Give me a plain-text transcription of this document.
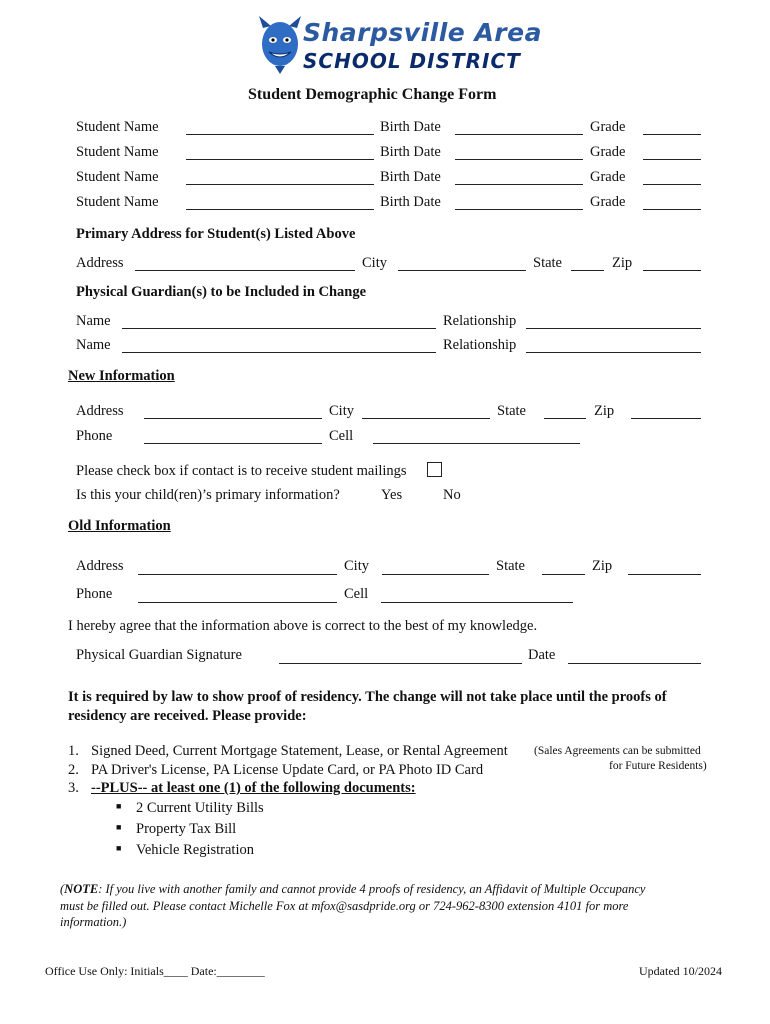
Sharpsville Area
SCHOOL DISTRICT
Student Demographic Change Form
Student Name	Birth Date	Grade
Student Name	Birth Date	Grade
Student Name	Birth Date	Grade
Student Name	Birth Date	Grade
Primary Address for Student(s) Listed Above
Address	City	State	Zip
Physical Guardian(s) to be Included in Change
Name	Relationship
Name	Relationship
New Information
Address	City	State	Zip
Phone	Cell
Please check box if contact is to receive student mailings
Is this your child(ren)’s primary information?	Yes	No
Old Information
Address	City	State	Zip
Phone	Cell
I hereby agree that the information above is correct to the best of my knowledge.
Physical Guardian Signature	Date
It is required by law to show proof of residency. The change will not take place until the proofs of
residency are received. Please provide:
1. Signed Deed, Current Mortgage Statement, Lease, or Rental Agreement (Sales Agreements can be submitted
for Future Residents)
2. PA Driver's License, PA License Update Card, or PA Photo ID Card
3. --PLUS-- at least one (1) of the following documents:
■ 2 Current Utility Bills
■ Property Tax Bill
■ Vehicle Registration
(NOTE: If you live with another family and cannot provide 4 proofs of residency, an Affidavit of Multiple Occupancy
must be filled out. Please contact Michelle Fox at mfox@sasdpride.org or 724-962-8300 extension 4101 for more
information.)
Office Use Only: Initials____ Date:________	Updated 10/2024
